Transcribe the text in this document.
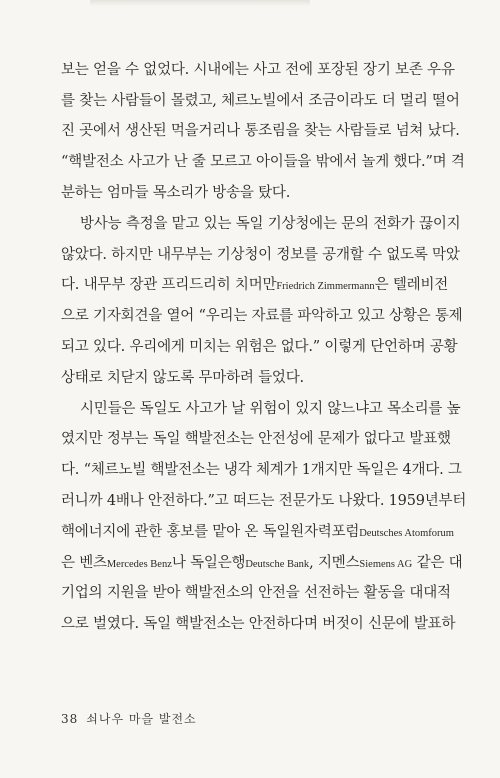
보는 얻을 수 없었다. 시내에는 사고 전에 포장된 장기 보존 우유
를 찾는 사람들이 몰렸고, 체르노빌에서 조금이라도 더 멀리 떨어
진 곳에서 생산된 먹을거리나 통조림을 찾는 사람들로 넘쳐 났다.
“핵발전소 사고가 난 줄 모르고 아이들을 밖에서 놀게 했다.”며 격
분하는 엄마들 목소리가 방송을 탔다.
방사능 측정을 맡고 있는 독일 기상청에는 문의 전화가 끊이지
않았다. 하지만 내무부는 기상청이 정보를 공개할 수 없도록 막았
다. 내무부 장관 프리드리히 치머만Friedrich Zimmermann은 텔레비전
으로 기자회견을 열어 “우리는 자료를 파악하고 있고 상황은 통제
되고 있다. 우리에게 미치는 위험은 없다.” 이렇게 단언하며 공황
상태로 치닫지 않도록 무마하려 들었다.
시민들은 독일도 사고가 날 위험이 있지 않느냐고 목소리를 높
였지만 정부는 독일 핵발전소는 안전성에 문제가 없다고 발표했
다. “체르노빌 핵발전소는 냉각 체계가 1개지만 독일은 4개다. 그
러니까 4배나 안전하다.”고 떠드는 전문가도 나왔다. 1959년부터
핵에너지에 관한 홍보를 맡아 온 독일원자력포럼Deutsches Atomforum
은 벤츠Mercedes Benz나 독일은행Deutsche Bank, 지멘스Siemens AG 같은 대
기업의 지원을 받아 핵발전소의 안전을 선전하는 활동을 대대적
으로 벌였다. 독일 핵발전소는 안전하다며 버젓이 신문에 발표하
38 쇠나우 마을 발전소
